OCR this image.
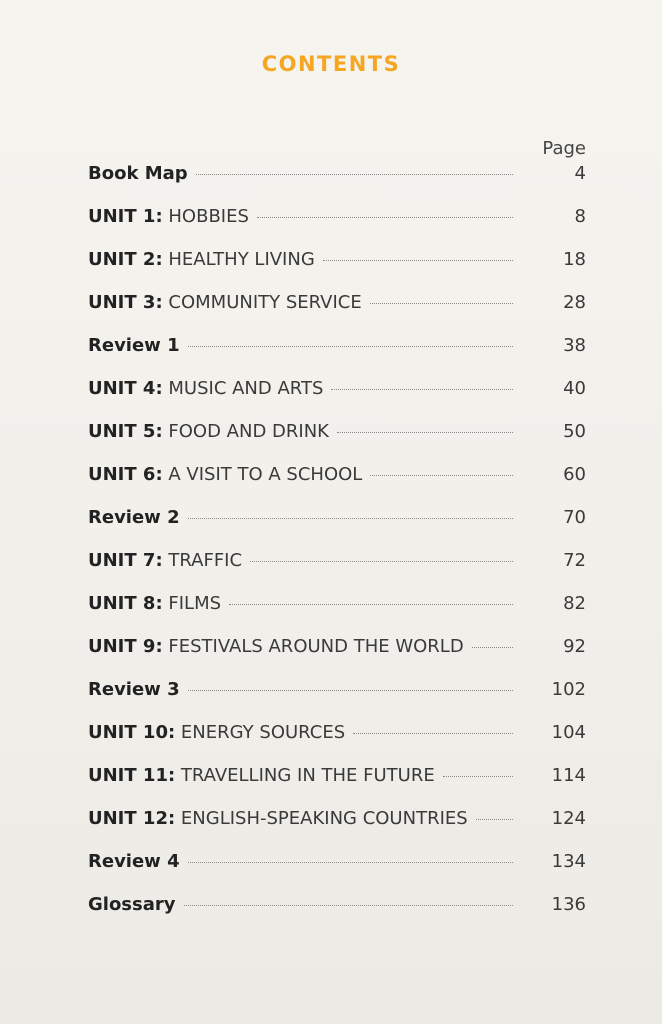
CONTENTS
Page
Book Map	4
UNIT 1: HOBBIES	8
UNIT 2: HEALTHY LIVING	18
UNIT 3: COMMUNITY SERVICE	28
Review 1	38
UNIT 4: MUSIC AND ARTS	40
UNIT 5: FOOD AND DRINK	50
UNIT 6: A VISIT TO A SCHOOL	60
Review 2	70
UNIT 7: TRAFFIC	72
UNIT 8: FILMS	82
UNIT 9: FESTIVALS AROUND THE WORLD	92
Review 3	102
UNIT 10: ENERGY SOURCES	104
UNIT 11: TRAVELLING IN THE FUTURE	114
UNIT 12: ENGLISH-SPEAKING COUNTRIES	124
Review 4	134
Glossary	136
